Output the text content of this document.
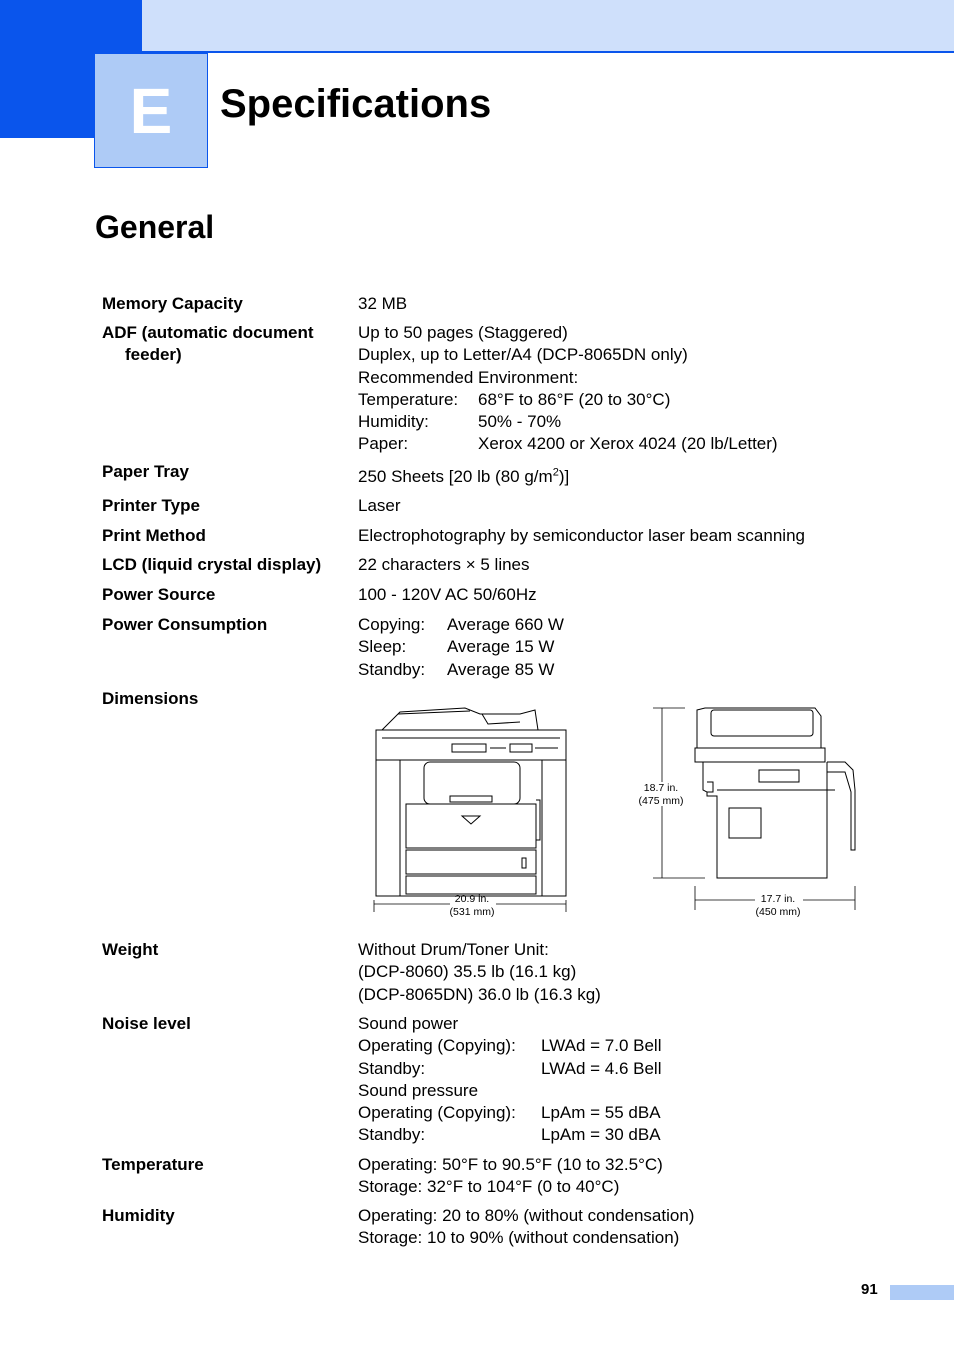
E Specifications
General
Memory Capacity	32 MB
ADF (automatic document
feeder)
Up to 50 pages (Staggered)
Duplex, up to Letter/A4 (DCP-8065DN only)
Recommended Environment:
Temperature: 68°F to 86°F (20 to 30°C)
Humidity:	50% - 70%
Paper:	Xerox 4200 or Xerox 4024 (20 lb/Letter)
Paper Tray	250 Sheets [20 lb (80 $g/m^2$)]
Printer Type	Laser
Print Method	Electrophotography by semiconductor laser beam scanning
LCD (liquid crystal display) 22 characters × 5 lines
Power Source	100 - 120V AC 50/60Hz
Power Consumption	Copying: Average 660 W
Sleep: Average 15 W
Standby: Average 85 W
Dimensions
20.9 in.
(531 mm)
18.7 in.
(475 mm)
17.7 in.
(450 mm)
Weight	Without Drum/Toner Unit:
(DCP-8060) 35.5 lb (16.1 kg)
(DCP-8065DN) 36.0 lb (16.3 kg)
Noise level	Sound power
Operating (Copying): LWAd = 7.0 Bell
Standby:	LWAd = 4.6 Bell
Sound pressure
Operating (Copying): LpAm = 55 dBA
Standby:	LpAm = 30 dBA
Temperature	Operating: 50°F to 90.5°F (10 to 32.5°C)
Storage: 32°F to 104°F (0 to 40°C)
Humidity	Operating: 20 to 80% (without condensation)
Storage: 10 to 90% (without condensation)
91
